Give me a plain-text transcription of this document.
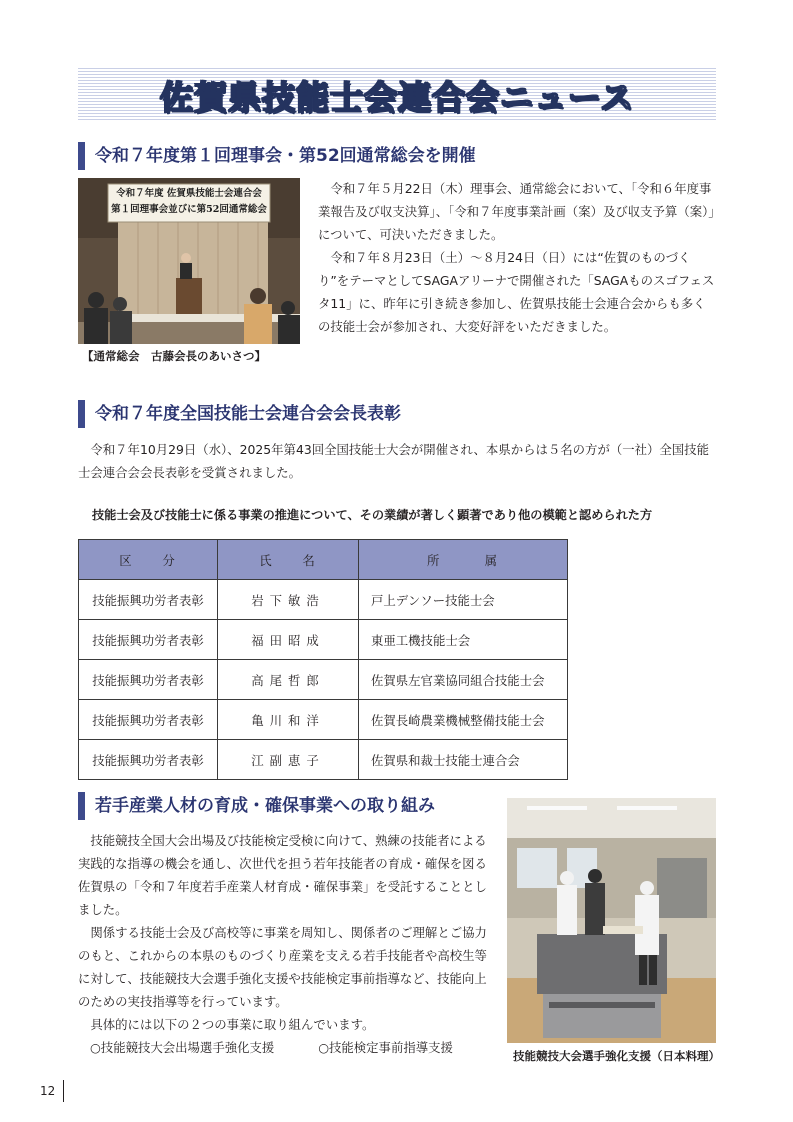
佐賀県技能士会連合会ニュース
令和７年度第１回理事会・第52回通常総会を開催
令和７年度 佐賀県技能士会連合会
第１回理事会並びに第52回通常総会
【通常総会　古藤会長のあいさつ】

令和７年５月22日（木）理事会、通常総会において、「令和６年度事業報告及び収支決算」、「令和７年度事業計画（案）及び収支予算（案）」について、可決いただきました。

令和７年８月23日（土）～８月24日（日）には“佐賀のものづくり”をテーマとしてSAGAアリーナで開催された「SAGAものスゴフェスタ11」に、昨年に引き続き参加し、佐賀県技能士会連合会からも多くの技能士会が参加され、大変好評をいただきました。

令和７年度全国技能士会連合会会長表彰

令和７年10月29日（水）、2025年第43回全国技能士大会が開催され、本県からは５名の方が（一社）全国技能士会連合会会長表彰を受賞されました。

技能士会及び技能士に係る事業の推進について、その業績が著しく顕著であり他の模範と認められた方
区　　分	氏　　名	所　　　属
技能振興功労者表彰	岩下敏浩	戸上デンソー技能士会
技能振興功労者表彰	福田昭成	東亜工機技能士会
技能振興功労者表彰	高尾哲郎	佐賀県左官業協同組合技能士会
技能振興功労者表彰	亀川和洋	佐賀長崎農業機械整備技能士会
技能振興功労者表彰	江副恵子	佐賀県和裁士技能士連合会
若手産業人材の育成・確保事業への取り組み

技能競技全国大会出場及び技能検定受検に向けて、熟練の技能者による実践的な指導の機会を通し、次世代を担う若年技能者の育成・確保を図る佐賀県の「令和７年度若手産業人材育成・確保事業」を受託することとしました。

関係する技能士会及び高校等に事業を周知し、関係者のご理解とご協力のもと、これからの本県のものづくり産業を支える若手技能者や高校生等に対して、技能競技大会選手強化支援や技能検定事前指導など、技能向上のための実技指導等を行っています。

具体的には以下の２つの事業に取り組んでいます。

○技能競技大会出場選手強化支援	○技能検定事前指導支援
技能競技大会選手強化支援（日本料理）
12
